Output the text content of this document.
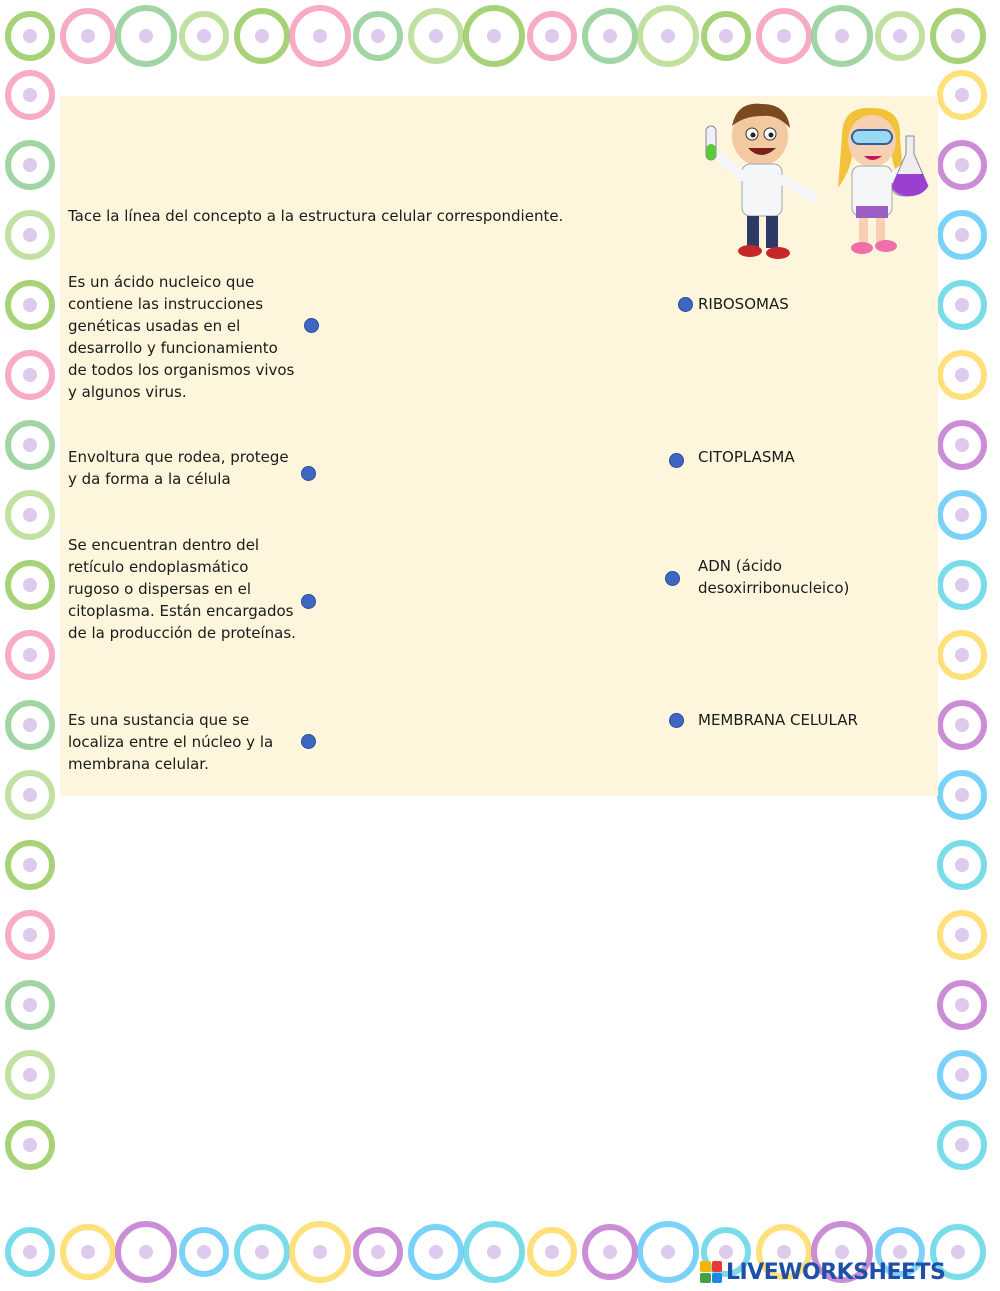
Tace la línea del concepto a la estructura celular correspondiente.
Es un ácido nucleico que contiene las instrucciones genéticas usadas en el desarrollo y funcionamiento de todos los organismos vivos y algunos virus.
Envoltura que rodea, protege y da forma a la célula
Se encuentran dentro del retículo endoplasmático rugoso o dispersas en el citoplasma. Están encargados de la producción de proteínas.
Es una sustancia que se localiza entre el núcleo y la membrana celular.
RIBOSOMAS
CITOPLASMA
ADN (ácido desoxirribonucleico)
MEMBRANA CELULAR
LIVEWORKSHEETS
